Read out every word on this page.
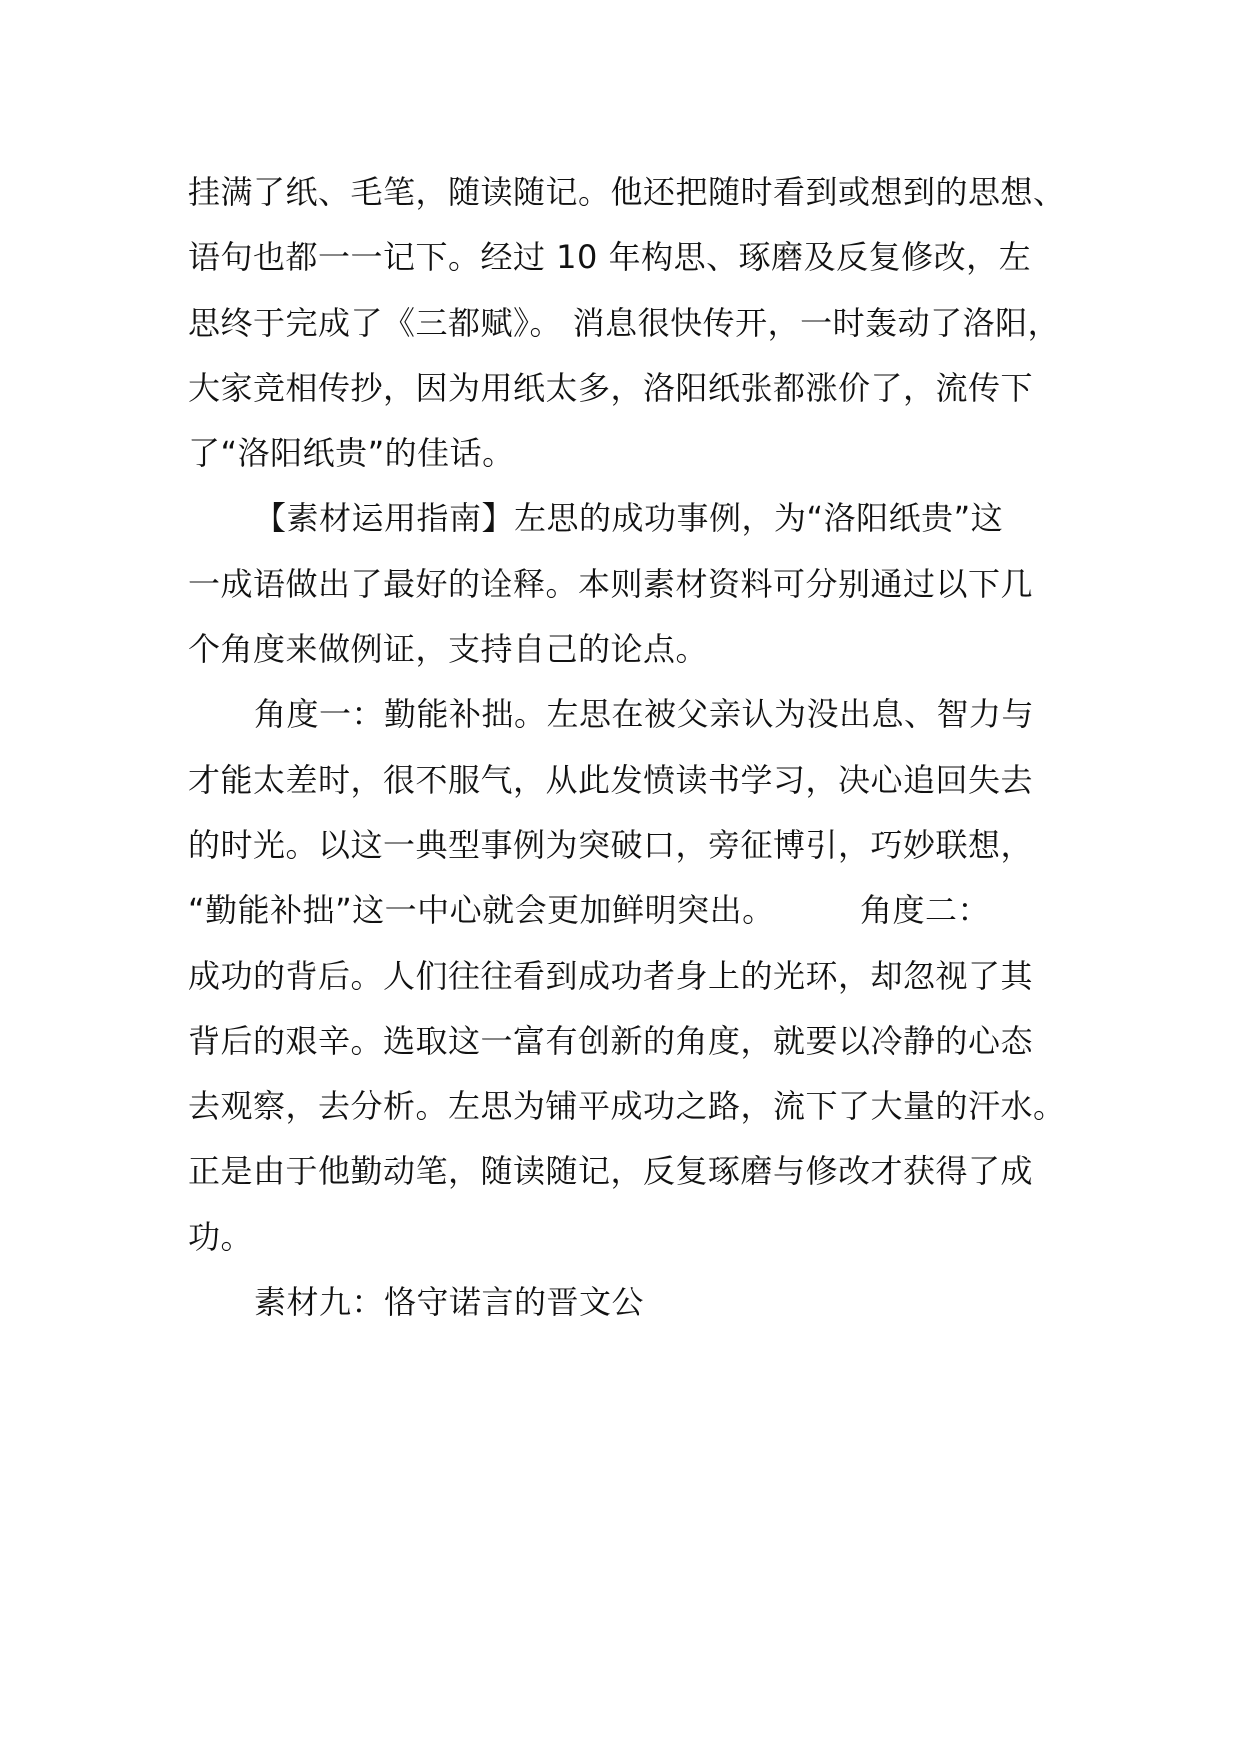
挂满了纸、毛笔，随读随记。他还把随时看到或想到的思想、
语句也都一一记下。经过 10 年构思、琢磨及反复修改，左
思终于完成了《三都赋》。 消息很快传开，一时轰动了洛阳，
大家竞相传抄，因为用纸太多，洛阳纸张都涨价了，流传下
了“洛阳纸贵”的佳话。
【素材运用指南】左思的成功事例，为“洛阳纸贵”这
一成语做出了最好的诠释。本则素材资料可分别通过以下几
个角度来做例证，支持自己的论点。
角度一：勤能补拙。左思在被父亲认为没出息、智力与
才能太差时，很不服气，从此发愤读书学习，决心追回失去
的时光。以这一典型事例为突破口，旁征博引，巧妙联想，
“勤能补拙”这一中心就会更加鲜明突出。        角度二：
成功的背后。人们往往看到成功者身上的光环，却忽视了其
背后的艰辛。选取这一富有创新的角度，就要以冷静的心态
去观察，去分析。左思为铺平成功之路，流下了大量的汗水。
正是由于他勤动笔，随读随记，反复琢磨与修改才获得了成
功。
素材九：恪守诺言的晋文公
